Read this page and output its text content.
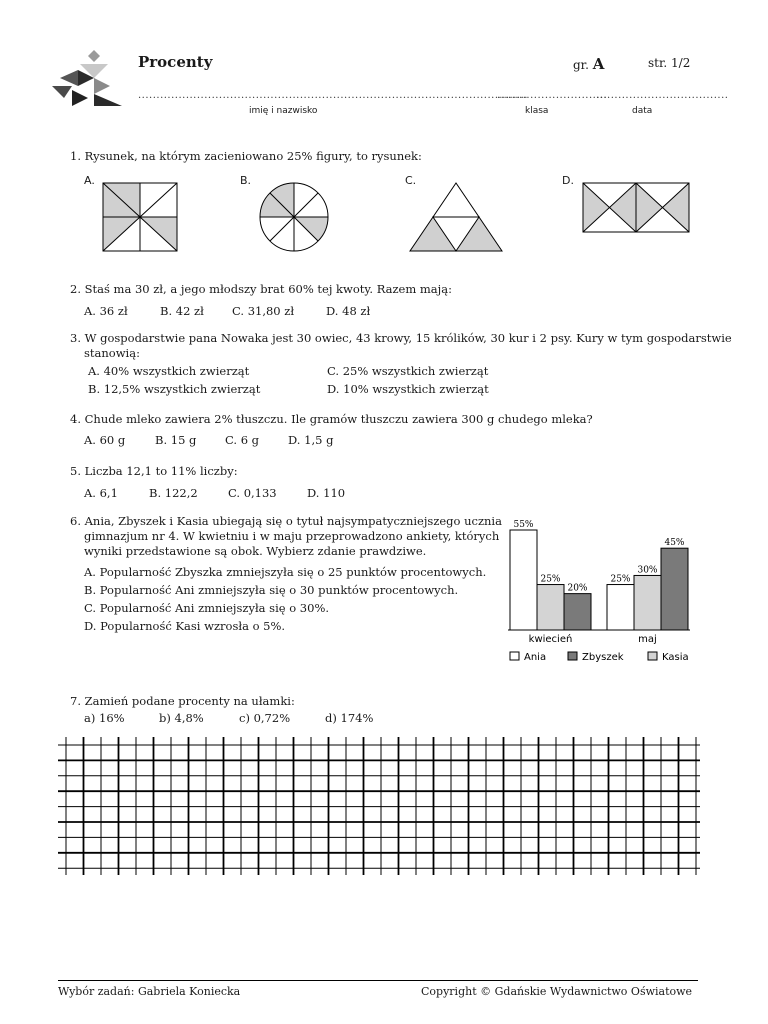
Procenty	gr. A	str. 1/2
..........................................................................................................
..............................
....................................
imię i nazwisko	klasa	data
1. Rysunek, na którym zacieniowano 25% figury, to rysunek:
A.	B.	C.	D.
2. Staś ma 30 zł, a jego młodszy brat 60% tej kwoty. Razem mają:
A. 36 zł	B. 42 zł C. 31,80 zł	D. 48 zł
3. W gospodarstwie pana Nowaka jest 30 owiec, 43 krowy, 15 królików, 30 kur i 2 psy. Kury w tym gospodarstwie
stanowią:
A. 40% wszystkich zwierząt	C. 25% wszystkich zwierząt
B. 12,5% wszystkich zwierząt	D. 10% wszystkich zwierząt
4. Chude mleko zawiera 2% tłuszczu. Ile gramów tłuszczu zawiera 300 g chudego mleka?
A. 60 g	B. 15 g C. 6 g	D. 1,5 g
5. Liczba 12,1 to 11% liczby:
A. 6,1	B. 122,2	C. 0,133	D. 110
6. Ania, Zbyszek i Kasia ubiegają się o tytuł najsympatyczniejszego ucznia
gimnazjum nr 4. W kwietniu i w maju przeprowadzono ankiety, których
wyniki przedstawione są obok. Wybierz zdanie prawdziwe.
A. Popularność Zbyszka zmniejszyła się o 25 punktów procentowych.
B. Popularność Ani zmniejszyła się o 30 punktów procentowych.
C. Popularność Ani zmniejszyła się o 30%.
D. Popularność Kasi wzrosła o 5%.
55%
25%
20%
kwiecień
25%
30%
45%
maj
Ania	Zbyszek	Kasia
7. Zamień podane procenty na ułamki:
a) 16%	b) 4,8%	c) 0,72%	d) 174%
Wybór zadań: Gabriela Koniecka	Copyright © Gdańskie Wydawnictwo Oświatowe
